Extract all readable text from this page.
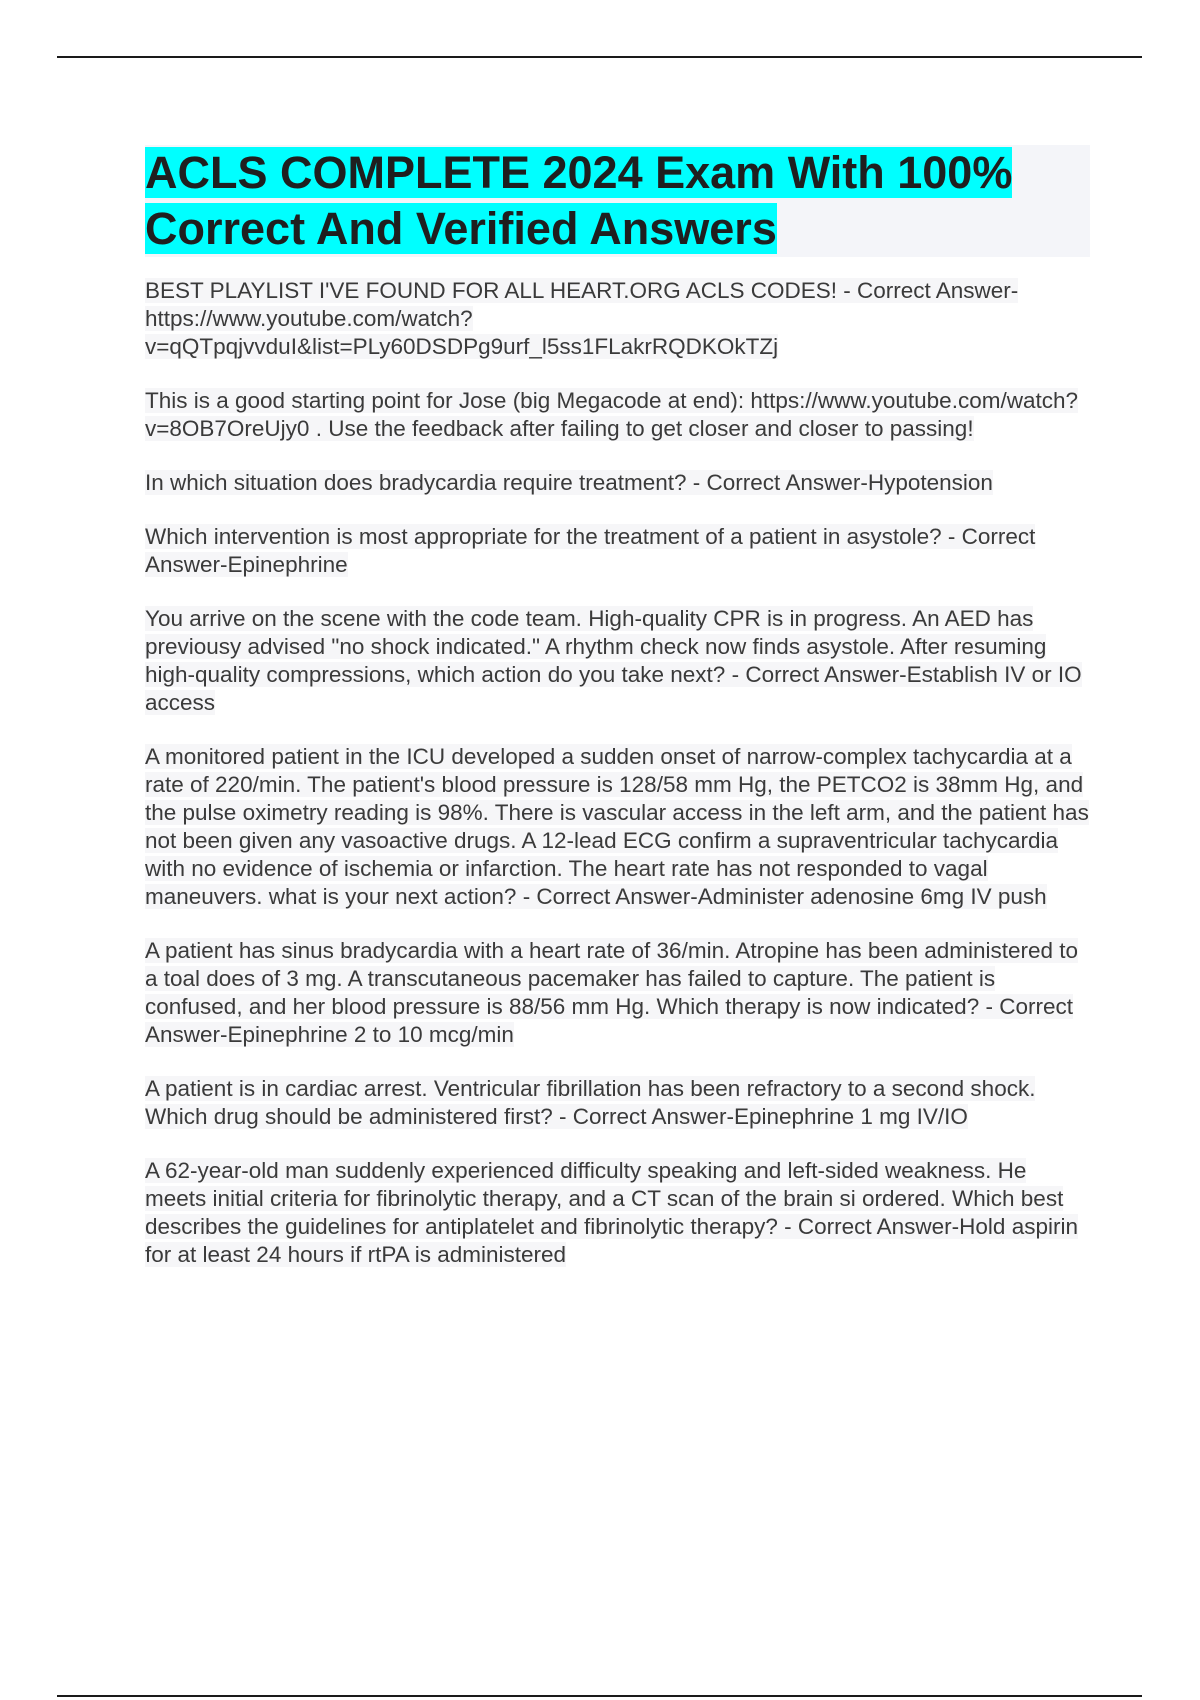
ACLS COMPLETE 2024 Exam With 100% Correct And Verified Answers

BEST PLAYLIST I'VE FOUND FOR ALL HEART.ORG ACLS CODES! - Correct Answer-https://www.youtube.com/watch?
v=qQTpqjvvduI&list=PLy60DSDPg9urf_l5ss1FLakrRQDKOkTZj

This is a good starting point for Jose (big Megacode at end): https://www.youtube.com/watch?v=8OB7OreUjy0 . Use the feedback after failing to get closer and closer to passing!

In which situation does bradycardia require treatment? - Correct Answer-Hypotension

Which intervention is most appropriate for the treatment of a patient in asystole? - Correct Answer-Epinephrine

You arrive on the scene with the code team. High-quality CPR is in progress. An AED has previousy advised "no shock indicated." A rhythm check now finds asystole. After resuming high-quality compressions, which action do you take next? - Correct Answer-Establish IV or IO access

A monitored patient in the ICU developed a sudden onset of narrow-complex tachycardia at a rate of 220/min. The patient's blood pressure is 128/58 mm Hg, the PETCO2 is 38mm Hg, and the pulse oximetry reading is 98%. There is vascular access in the left arm, and the patient has not been given any vasoactive drugs. A 12-lead ECG confirm a supraventricular tachycardia with no evidence of ischemia or infarction. The heart rate has not responded to vagal maneuvers. what is your next action? - Correct Answer-Administer adenosine 6mg IV push

A patient has sinus bradycardia with a heart rate of 36/min. Atropine has been administered to a toal does of 3 mg. A transcutaneous pacemaker has failed to capture. The patient is confused, and her blood pressure is 88/56 mm Hg. Which therapy is now indicated? - Correct Answer-Epinephrine 2 to 10 mcg/min

A patient is in cardiac arrest. Ventricular fibrillation has been refractory to a second shock. Which drug should be administered first? - Correct Answer-Epinephrine 1 mg IV/IO

A 62-year-old man suddenly experienced difficulty speaking and left-sided weakness. He meets initial criteria for fibrinolytic therapy, and a CT scan of the brain si ordered. Which best describes the guidelines for antiplatelet and fibrinolytic therapy? - Correct Answer-Hold aspirin for at least 24 hours if rtPA is administered
